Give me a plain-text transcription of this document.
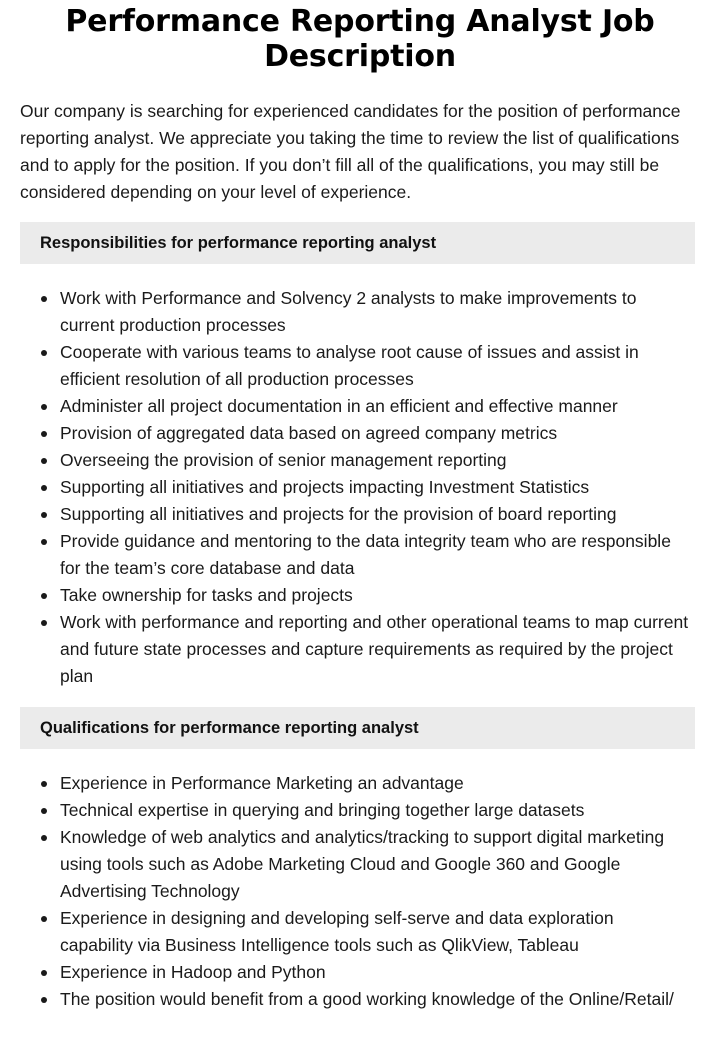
Performance Reporting Analyst Job Description

Our company is searching for experienced candidates for the position of performance reporting analyst. We appreciate you taking the time to review the list of qualifications and to apply for the position. If you don’t fill all of the qualifications, you may still be considered depending on your level of experience.

Responsibilities for performance reporting analyst
Work with Performance and Solvency 2 analysts to make improvements to current production processes
Cooperate with various teams to analyse root cause of issues and assist in efficient resolution of all production processes
Administer all project documentation in an efficient and effective manner
Provision of aggregated data based on agreed company metrics
Overseeing the provision of senior management reporting
Supporting all initiatives and projects impacting Investment Statistics
Supporting all initiatives and projects for the provision of board reporting
Provide guidance and mentoring to the data integrity team who are responsible for the team’s core database and data
Take ownership for tasks and projects
Work with performance and reporting and other operational teams to map current and future state processes and capture requirements as required by the project plan
Qualifications for performance reporting analyst
Experience in Performance Marketing an advantage
Technical expertise in querying and bringing together large datasets
Knowledge of web analytics and analytics/tracking to support digital marketing using tools such as Adobe Marketing Cloud and Google 360 and Google Advertising Technology
Experience in designing and developing self-serve and data exploration capability via Business Intelligence tools such as QlikView, Tableau
Experience in Hadoop and Python
The position would benefit from a good working knowledge of the Online/Retail/
